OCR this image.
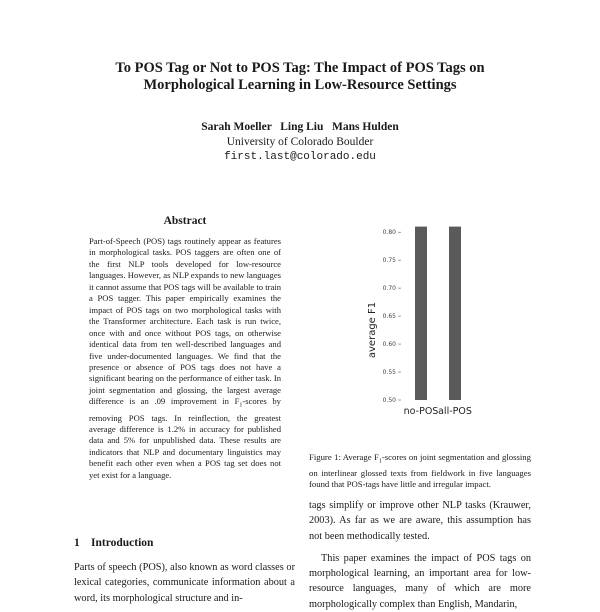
To POS Tag or Not to POS Tag: The Impact of POS Tags on
Morphological Learning in Low-Resource Settings
Sarah Moeller   Ling Liu   Mans Hulden
University of Colorado Boulder
first.last@colorado.edu
Abstract
Part-of-Speech (POS) tags routinely appear as features in morphological tasks. POS taggers are often one of the first NLP tools developed for low-resource languages. However, as NLP expands to new languages it cannot assume that POS tags will be available to train a POS tagger. This paper empirically examines the impact of POS tags on two morphological tasks with the Transformer architecture. Each task is run twice, once with and once without POS tags, on otherwise identical data from ten well-described languages and five under-documented languages. We find that the presence or absence of POS tags does not have a significant bearing on the performance of either task. In joint segmentation and glossing, the largest average difference is an .09 improvement in $F_1$-scores by removing POS tags. In reinflection, the greatest average difference is 1.2% in accuracy for published data and 5% for unpublished data. These results are indicators that NLP and documentary linguistics may benefit each other even when a POS tag set does not yet exist for a language.
1 Introduction
Parts of speech (POS), also known as word classes or lexical categories, communicate information about a word, its morphological structure and in-
0.50
0.55
0.60
0.65
0.70
0.75
0.80
no-POS all-POS
average F1
Figure 1: Average $F_1$-scores on joint segmentation and glossing on interlinear glossed texts from fieldwork in five languages found that POS-tags have little and irregular impact.

tags simplify or improve other NLP tasks (Krauwer, 2003). As far as we are aware, this assumption has not been methodically tested.

This paper examines the impact of POS tags on morphological learning, an important area for low-resource languages, many of which are more morphologically complex than English, Mandarin,
